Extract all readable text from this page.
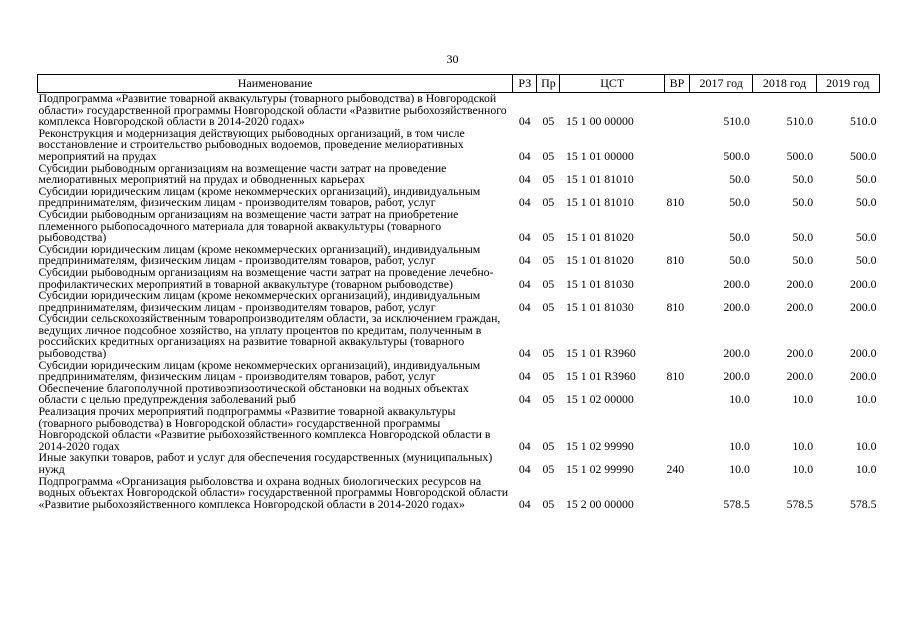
30
Наименование	РЗ	Пр	ЦСТ	ВР	2017 год	2018 год	2019 год
Подпрограмма «Развитие товарной аквакультуры (товарного рыбоводства) в Новгородской области» государственной программы Новгородской области «Развитие рыбохозяйственного комплекса Новгородской области в 2014-2020 годах»	04	05	15 1 00 00000		510.0	510.0	510.0
Реконструкция и модернизация действующих рыбоводных организаций, в том числе восстановление и строительство рыбоводных водоемов, проведение мелиоративных мероприятий на прудах	04	05	15 1 01 00000		500.0	500.0	500.0
Субсидии рыбоводным организациям на возмещение части затрат на проведение мелиоративных мероприятий на прудах и обводненных карьерах	04	05	15 1 01 81010		50.0	50.0	50.0
Субсидии юридическим лицам (кроме некоммерческих организаций), индивидуальным предпринимателям, физическим лицам - производителям товаров, работ, услуг	04	05	15 1 01 81010	810	50.0	50.0	50.0
Субсидии рыбоводным организациям на возмещение части затрат на приобретение племенного рыбопосадочного материала для товарной аквакультуры (товарного рыбоводства)	04	05	15 1 01 81020		50.0	50.0	50.0
Субсидии юридическим лицам (кроме некоммерческих организаций), индивидуальным предпринимателям, физическим лицам - производителям товаров, работ, услуг	04	05	15 1 01 81020	810	50.0	50.0	50.0
Субсидии рыбоводным организациям на возмещение части затрат на проведение лечебно-профилактических мероприятий в товарной аквакультуре (товарном рыбоводстве)	04	05	15 1 01 81030		200.0	200.0	200.0
Субсидии юридическим лицам (кроме некоммерческих организаций), индивидуальным предпринимателям, физическим лицам - производителям товаров, работ, услуг	04	05	15 1 01 81030	810	200.0	200.0	200.0
Субсидии сельскохозяйственным товаропроизводителям области, за исключением граждан, ведущих личное подсобное хозяйство, на уплату процентов по кредитам, полученным в российских кредитных организациях на развитие товарной аквакультуры (товарного рыбоводства)	04	05	15 1 01 R3960		200.0	200.0	200.0
Субсидии юридическим лицам (кроме некоммерческих организаций), индивидуальным предпринимателям, физическим лицам - производителям товаров, работ, услуг	04	05	15 1 01 R3960	810	200.0	200.0	200.0
Обеспечение благополучной противоэпизоотической обстановки на водных объектах области с целью предупреждения заболеваний рыб	04	05	15 1 02 00000		10.0	10.0	10.0
Реализация прочих мероприятий подпрограммы «Развитие товарной аквакультуры (товарного рыбоводства) в Новгородской области» государственной программы Новгородской области «Развитие рыбохозяйственного комплекса Новгородской области в 2014-2020 годах	04	05	15 1 02 99990		10.0	10.0	10.0
Иные закупки товаров, работ и услуг для обеспечения государственных (муниципальных) нужд	04	05	15 1 02 99990	240	10.0	10.0	10.0
Подпрограмма «Организация рыболовства и охрана водных биологических ресурсов на водных объектах Новгородской области» государственной программы Новгородской области «Развитие рыбохозяйственного комплекса Новгородской области в 2014-2020 годах»	04	05	15 2 00 00000		578.5	578.5	578.5
